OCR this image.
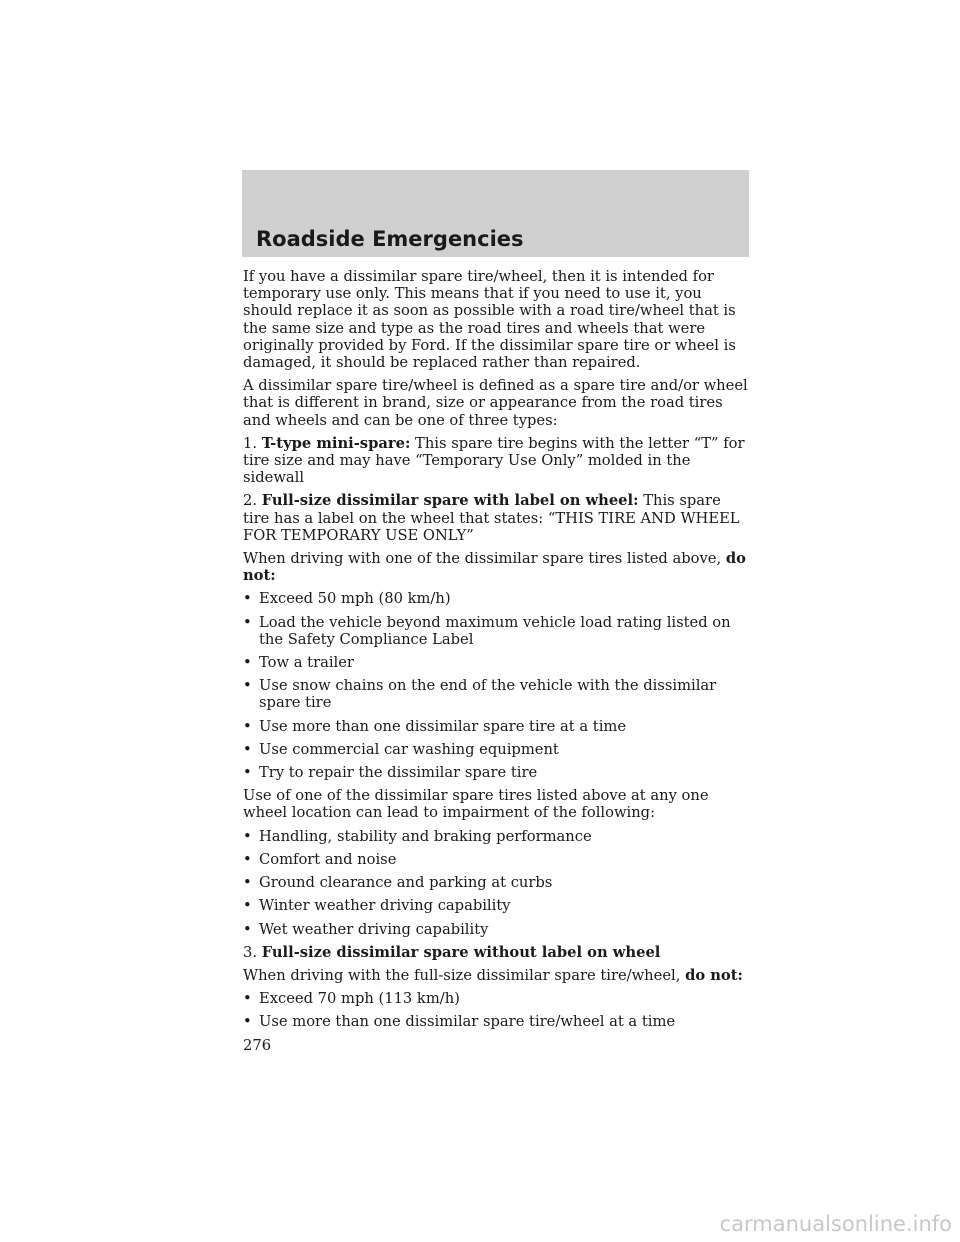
Roadside Emergencies

If you have a dissimilar spare tire/wheel, then it is intended for temporary use only. This means that if you need to use it, you should replace it as soon as possible with a road tire/wheel that is the same size and type as the road tires and wheels that were originally provided by Ford. If the dissimilar spare tire or wheel is damaged, it should be replaced rather than repaired.

A dissimilar spare tire/wheel is defined as a spare tire and/or wheel that is different in brand, size or appearance from the road tires and wheels and can be one of three types:

1. T-type mini-spare: This spare tire begins with the letter “T” for tire size and may have “Temporary Use Only” molded in the sidewall

2. Full-size dissimilar spare with label on wheel: This spare tire has a label on the wheel that states: “THIS TIRE AND WHEEL FOR TEMPORARY USE ONLY”

When driving with one of the dissimilar spare tires listed above, do not:

• Exceed 50 mph (80 km/h)
• Load the vehicle beyond maximum vehicle load rating listed on the Safety Compliance Label
• Tow a trailer
• Use snow chains on the end of the vehicle with the dissimilar spare tire
• Use more than one dissimilar spare tire at a time
• Use commercial car washing equipment
• Try to repair the dissimilar spare tire

Use of one of the dissimilar spare tires listed above at any one wheel location can lead to impairment of the following:

• Handling, stability and braking performance
• Comfort and noise
• Ground clearance and parking at curbs
• Winter weather driving capability
• Wet weather driving capability

3. Full-size dissimilar spare without label on wheel

When driving with the full-size dissimilar spare tire/wheel, do not:

• Exceed 70 mph (113 km/h)
• Use more than one dissimilar spare tire/wheel at a time
276
carmanualsonline.info
